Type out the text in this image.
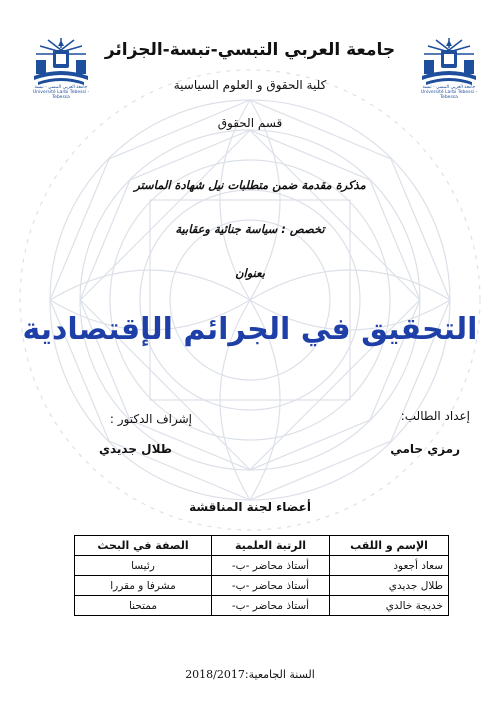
جامعة العربي التبسي - تبسة
Université Larbi Tebessi - Tebessa
جامعة العربي التبسي - تبسة
Université Larbi Tebessi - Tebessa
جامعة العربي التبسي-تبسة-الجزائر
كلية الحقوق و العلوم السياسية
قسم الحقوق
مذكرة مقدمة ضمن متطلبات نيل شهادة الماستر
تخصص : سياسة جنائية وعقابية
بعنوان
التحقيق في الجرائم الإقتصادية
إعداد الطالب:
رمزي حامي
إشراف الدكتور :
طلال جديدي
أعضاء لجنة المناقشة
الإسم و اللقب	الرتبة العلمية	الصفة في البحث
سعاد أجعود	أستاذ محاضر -ب-	رئيسا
طلال جديدي	أستاذ محاضر -ب-	مشرفا و مقررا
خديجة خالدي	أستاذ محاضر -ب-	ممتحنا
السنة الجامعية:2018/2017
